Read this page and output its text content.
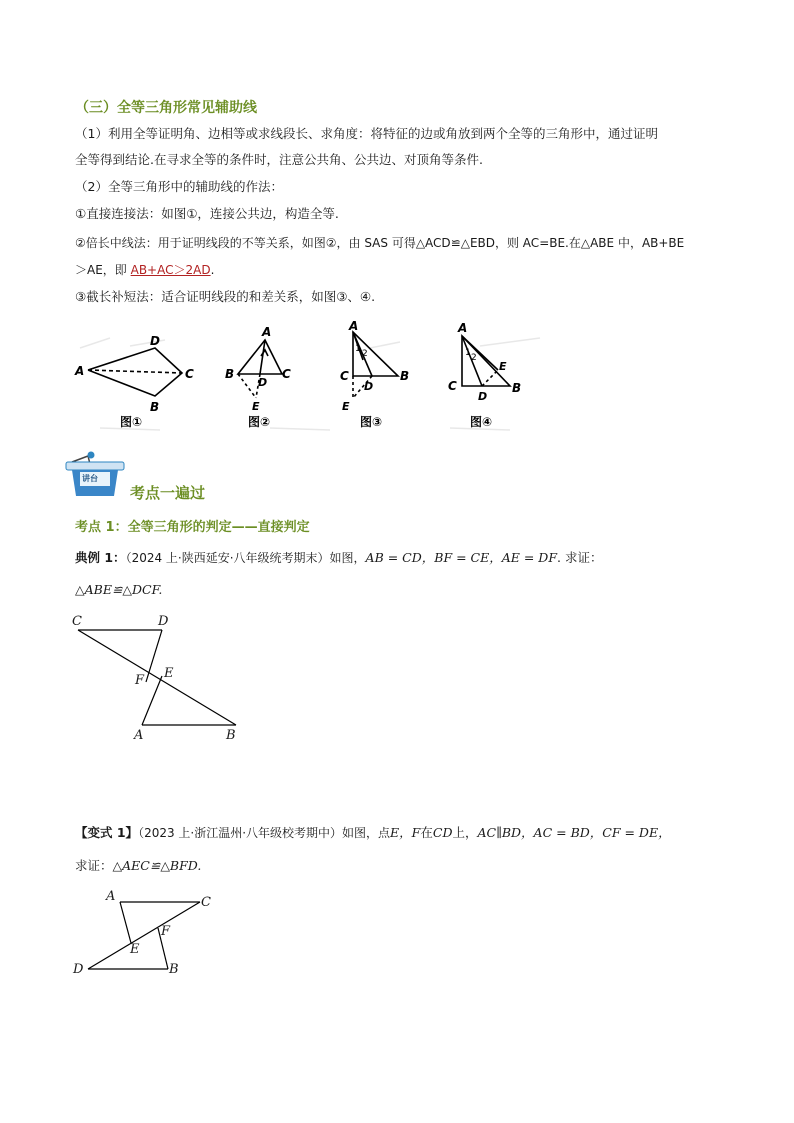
（三）全等三角形常见辅助线
（1）利用全等证明角、边相等或求线段长、求角度：将特征的边或角放到两个全等的三角形中，通过证明
全等得到结论.在寻求全等的条件时，注意公共角、公共边、对顶角等条件.
（2）全等三角形中的辅助线的作法：
①直接连接法：如图①，连接公共边，构造全等.
②倍长中线法：用于证明线段的不等关系，如图②，由 SAS 可得△ACD≌△EBD，则 AC=BE.在△ABE 中，AB+BE
＞AE，即 AB+AC＞2AD.
③截长补短法：适合证明线段的和差关系，如图③、④.
A
D
C
B
图①
A
B	C
D
E
图②
A
C	B
D
E
1 2
图③
A
C	B
D
E
1 2
图④
讲台
考点一遍过
考点 1：全等三角形的判定——直接判定
典例 1：（2024 上·陕西延安·八年级统考期末）如图，AB = CD，BF = CE，AE = DF. 求证：
△ABE≌△DCF.
C	D
E
F
A	B
【变式 1】（2023 上·浙江温州·八年级校考期中）如图，点E，F在CD上，AC∥BD，AC = BD，CF = DE，
求证：△AEC≌△BFD.
A	C
F
E
D	B
